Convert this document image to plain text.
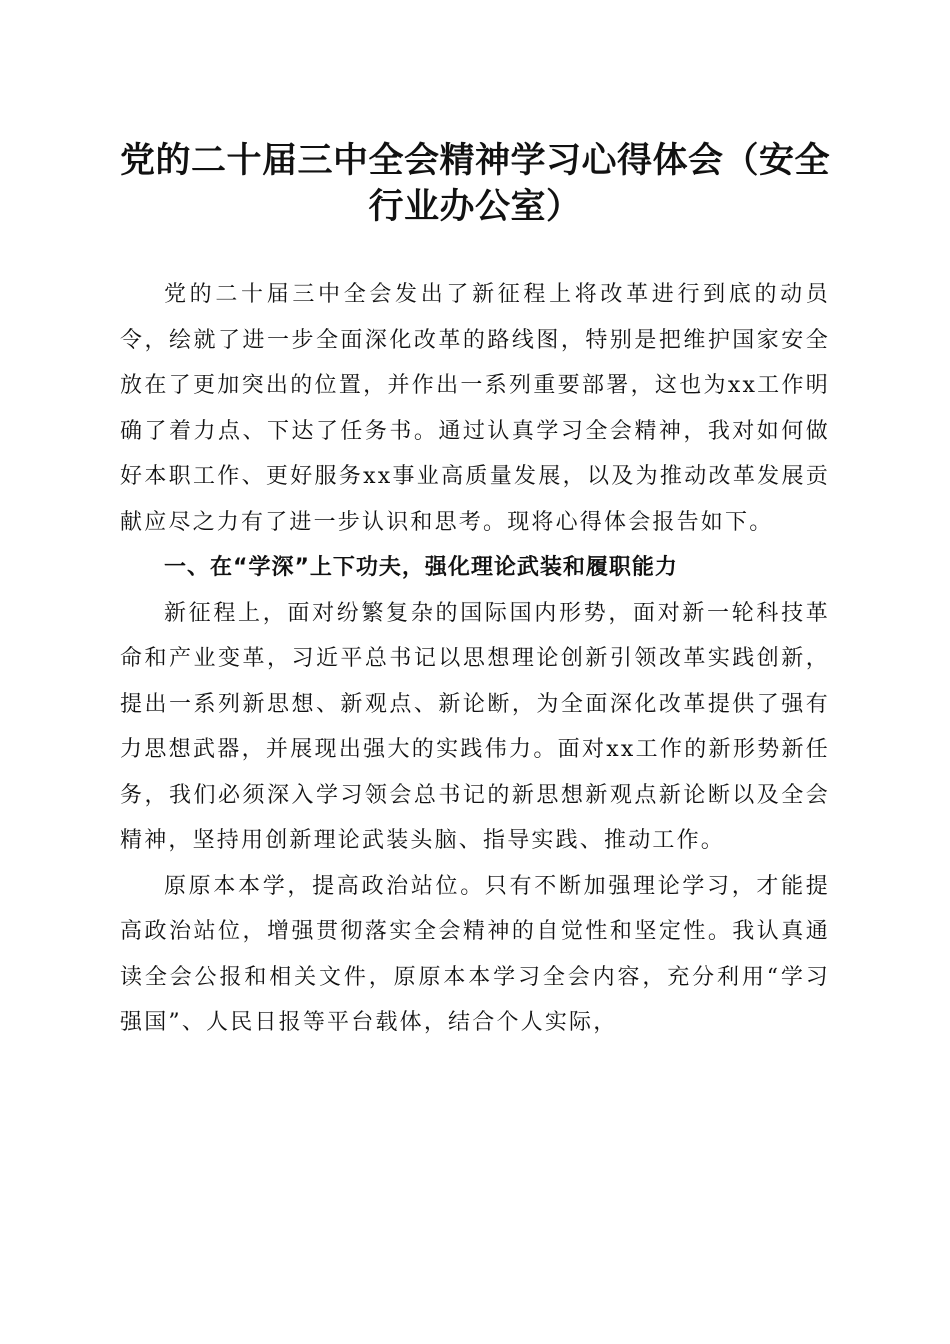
党的二十届三中全会精神学习心得体会（安全
行业办公室）

党的二十届三中全会发出了新征程上将改革进行到底的动员令，绘就了进一步全面深化改革的路线图，特别是把维护国家安全放在了更加突出的位置，并作出一系列重要部署，这也为xx工作明确了着力点、下达了任务书。通过认真学习全会精神，我对如何做好本职工作、更好服务xx事业高质量发展，以及为推动改革发展贡献应尽之力有了进一步认识和思考。现将心得体会报告如下。

一、在“学深”上下功夫，强化理论武装和履职能力

新征程上，面对纷繁复杂的国际国内形势，面对新一轮科技革命和产业变革，习近平总书记以思想理论创新引领改革实践创新，提出一系列新思想、新观点、新论断，为全面深化改革提供了强有力思想武器，并展现出强大的实践伟力。面对xx工作的新形势新任务，我们必须深入学习领会总书记的新思想新观点新论断以及全会精神，坚持用创新理论武装头脑、指导实践、推动工作。

原原本本学，提高政治站位。只有不断加强理论学习，才能提高政治站位，增强贯彻落实全会精神的自觉性和坚定性。我认真通读全会公报和相关文件，原原本本学习全会内容，充分利用“学习强国”、人民日报等平台载体，结合个人实际，
